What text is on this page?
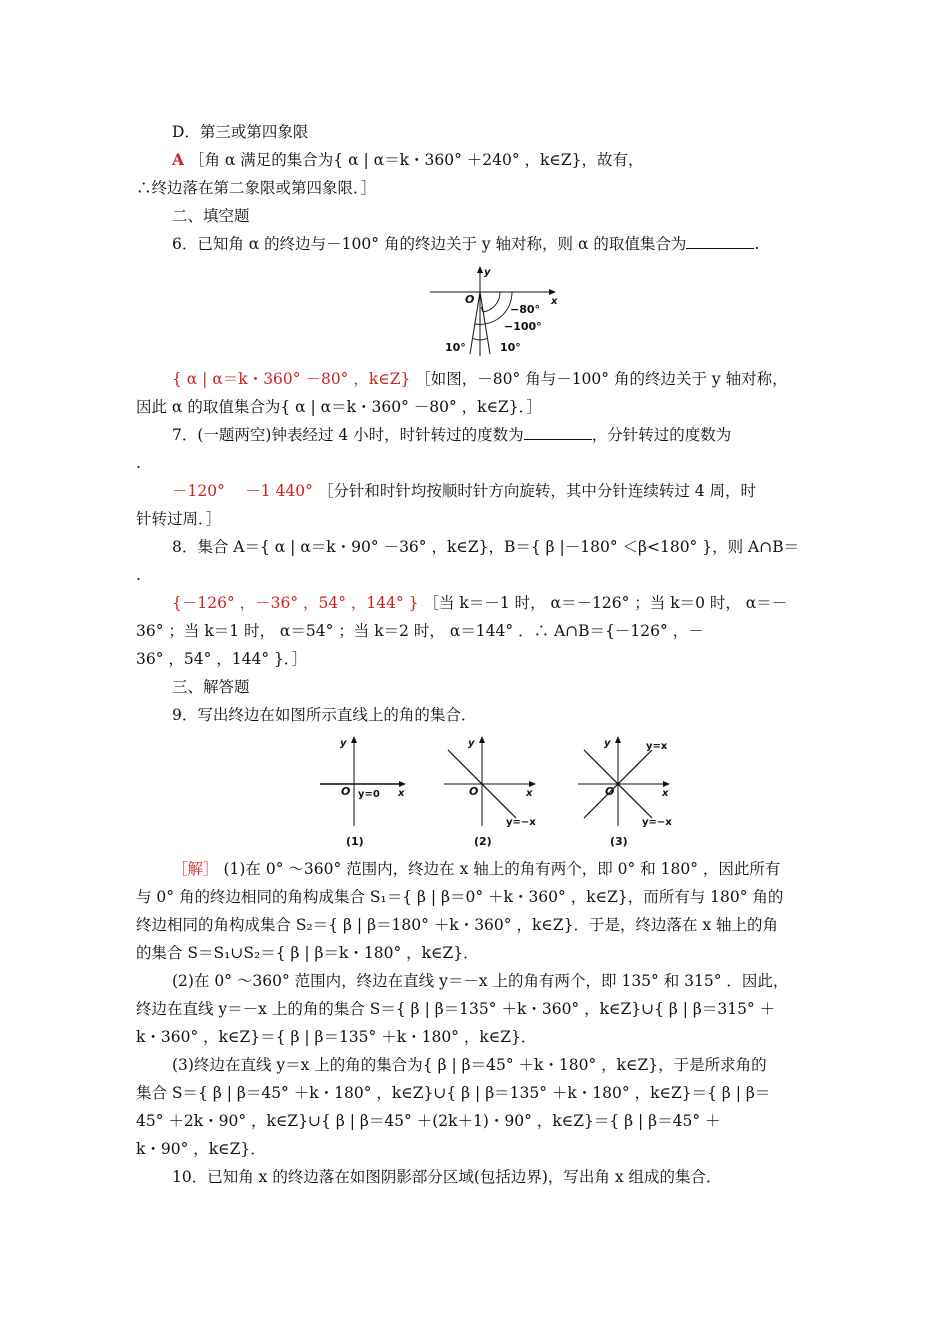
D．第三或第四象限
A ［角 α 满足的集合为{ α | α＝k・360° ＋240° ，k∈Z}，故有，
∴终边落在第二象限或第四象限．］
二、填空题
6．已知角 α 的终边与－100° 角的终边关于 y 轴对称，则 α 的取值集合为	.
y
x
O
−80°
−100°
10°	10°
{ α | α＝k・360° －80° ，k∈Z} ［如图，－80° 角与－100° 角的终边关于 y 轴对称，
因此 α 的取值集合为{ α | α＝k・360° －80° ，k∈Z}．］
7．(一题两空)钟表经过 4 小时，时针转过的度数为	，分针转过的度数为
.
－120°　 －1 440° ［分针和时针均按顺时针方向旋转，其中分针连续转过 4 周，时
针转过周．］
8．集合 A＝{ α | α＝k・90° －36° ，k∈Z}，B＝{ β |－180° ＜β<180° }，则 A∩B＝
.
{－126° ，－36° ，54° ，144° } ［当 k＝－1 时， α＝－126° ；当 k＝0 时， α＝－
36° ；当 k＝1 时， α＝54° ；当 k＝2 时， α＝144° ．∴ A∩B＝{－126° ，－
36° ，54° ，144° }．］
三、解答题
9．写出终边在如图所示直线上的角的集合．
y
x
O y=0
(1)
y
x
O
y=−x
(2)
y
x
O
y=x
y=−x
(3)
［解］ (1)在 0° ～360° 范围内，终边在 x 轴上的角有两个，即 0° 和 180° ，因此所有
与 0° 角的终边相同的角构成集合 S₁＝{ β | β＝0° ＋k・360° ，k∈Z}，而所有与 180° 角的
终边相同的角构成集合 S₂＝{ β | β＝180° ＋k・360° ，k∈Z}．于是，终边落在 x 轴上的角
的集合 S＝S₁∪S₂＝{ β | β＝k・180° ，k∈Z}．
(2)在 0° ～360° 范围内，终边在直线 y＝－x 上的角有两个，即 135° 和 315° ．因此，
终边在直线 y＝－x 上的角的集合 S＝{ β | β＝135° ＋k・360° ，k∈Z}∪{ β | β＝315° ＋
k・360° ，k∈Z}＝{ β | β＝135° ＋k・180° ，k∈Z}．
(3)终边在直线 y＝x 上的角的集合为{ β | β＝45° ＋k・180° ，k∈Z}，于是所求角的
集合 S＝{ β | β＝45° ＋k・180° ，k∈Z}∪{ β | β＝135° ＋k・180° ，k∈Z}＝{ β | β＝
45° ＋2k・90° ，k∈Z}∪{ β | β＝45° ＋(2k＋1)・90° ，k∈Z}＝{ β | β＝45° ＋
k・90° ，k∈Z}．
10．已知角 x 的终边落在如图阴影部分区域(包括边界)，写出角 x 组成的集合．
